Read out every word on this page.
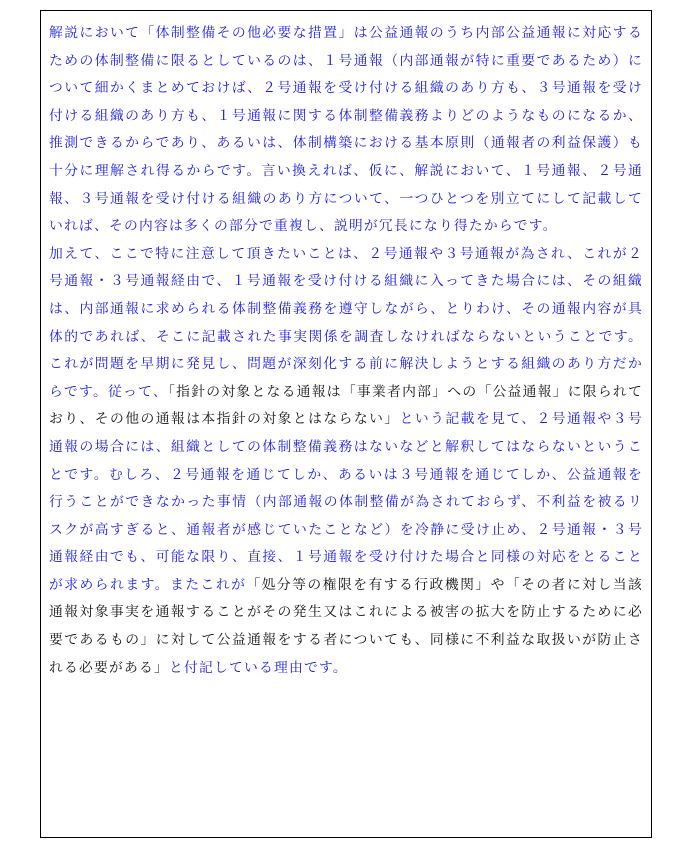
解説において「体制整備その他必要な措置」は公益通報のうち内部公益通報に対応するための体制整備に限るとしているのは、１号通報（内部通報が特に重要であるため）について細かくまとめておけば、２号通報を受け付ける組織のあり方も、３号通報を受け付ける組織のあり方も、１号通報に関する体制整備義務よりどのようなものになるか、推測できるからであり、あるいは、体制構築における基本原則（通報者の利益保護）も十分に理解され得るからです。言い換えれば、仮に、解説において、１号通報、２号通報、３号通報を受け付ける組織のあり方について、一つひとつを別立てにして記載していれば、その内容は多くの部分で重複し、説明が冗長になり得たからです。

加えて、ここで特に注意して頂きたいことは、２号通報や３号通報が為され、これが２号通報・３号通報経由で、１号通報を受け付ける組織に入ってきた場合には、その組織は、内部通報に求められる体制整備義務を遵守しながら、とりわけ、その通報内容が具体的であれば、そこに記載された事実関係を調査しなければならないということです。これが問題を早期に発見し、問題が深刻化する前に解決しようとする組織のあり方だからです。従って、「指針の対象となる通報は「事業者内部」への「公益通報」に限られており、その他の通報は本指針の対象とはならない」という記載を見て、２号通報や３号通報の場合には、組織としての体制整備義務はないなどと解釈してはならないということです。むしろ、２号通報を通じてしか、あるいは３号通報を通じてしか、公益通報を行うことができなかった事情（内部通報の体制整備が為されておらず、不利益を被るリスクが高すぎると、通報者が感じていたことなど）を冷静に受け止め、２号通報・３号通報経由でも、可能な限り、直接、１号通報を受け付けた場合と同様の対応をとることが求められます。またこれが「処分等の権限を有する行政機関」や「その者に対し当該通報対象事実を通報することがその発生又はこれによる被害の拡大を防止するために必要であるもの」に対して公益通報をする者についても、同様に不利益な取扱いが防止される必要がある」と付記している理由です。
